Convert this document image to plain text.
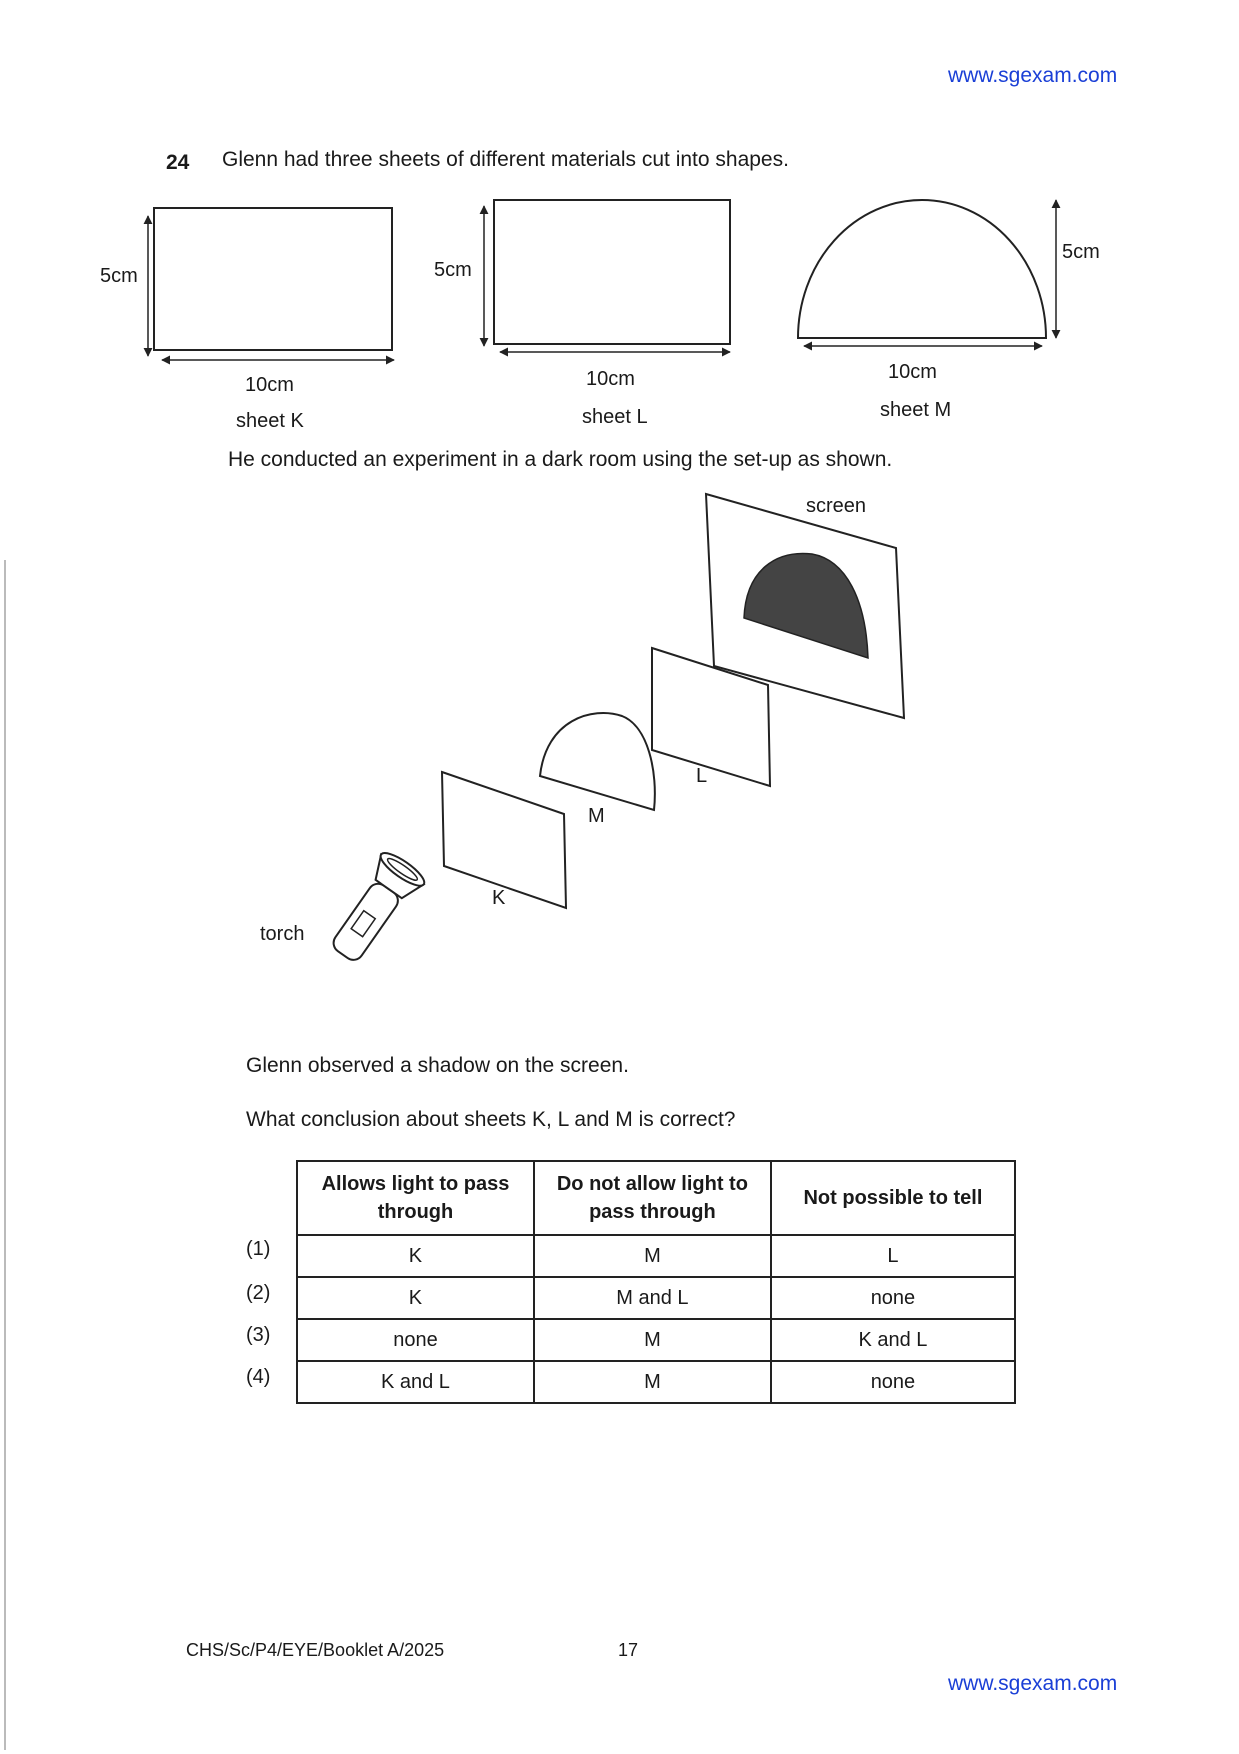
www.sgexam.com
24 Glenn had three sheets of different materials cut into shapes.
5cm
10cm
sheet K
5cm
10cm
sheet L
5cm
10cm
sheet M
He conducted an experiment in a dark room using the set-up as shown.
screen
L
M
K
torch
Glenn observed a shadow on the screen.
What conclusion about sheets K, L and M is correct?
(1)
(2)
(3)
(4)
Allows light to pass through	Do not allow light to pass through	Not possible to tell
K	M	L
K	M and L	none
none	M	K and L
K and L	M	none
CHS/Sc/P4/EYE/Booklet A/2025	17
www.sgexam.com
